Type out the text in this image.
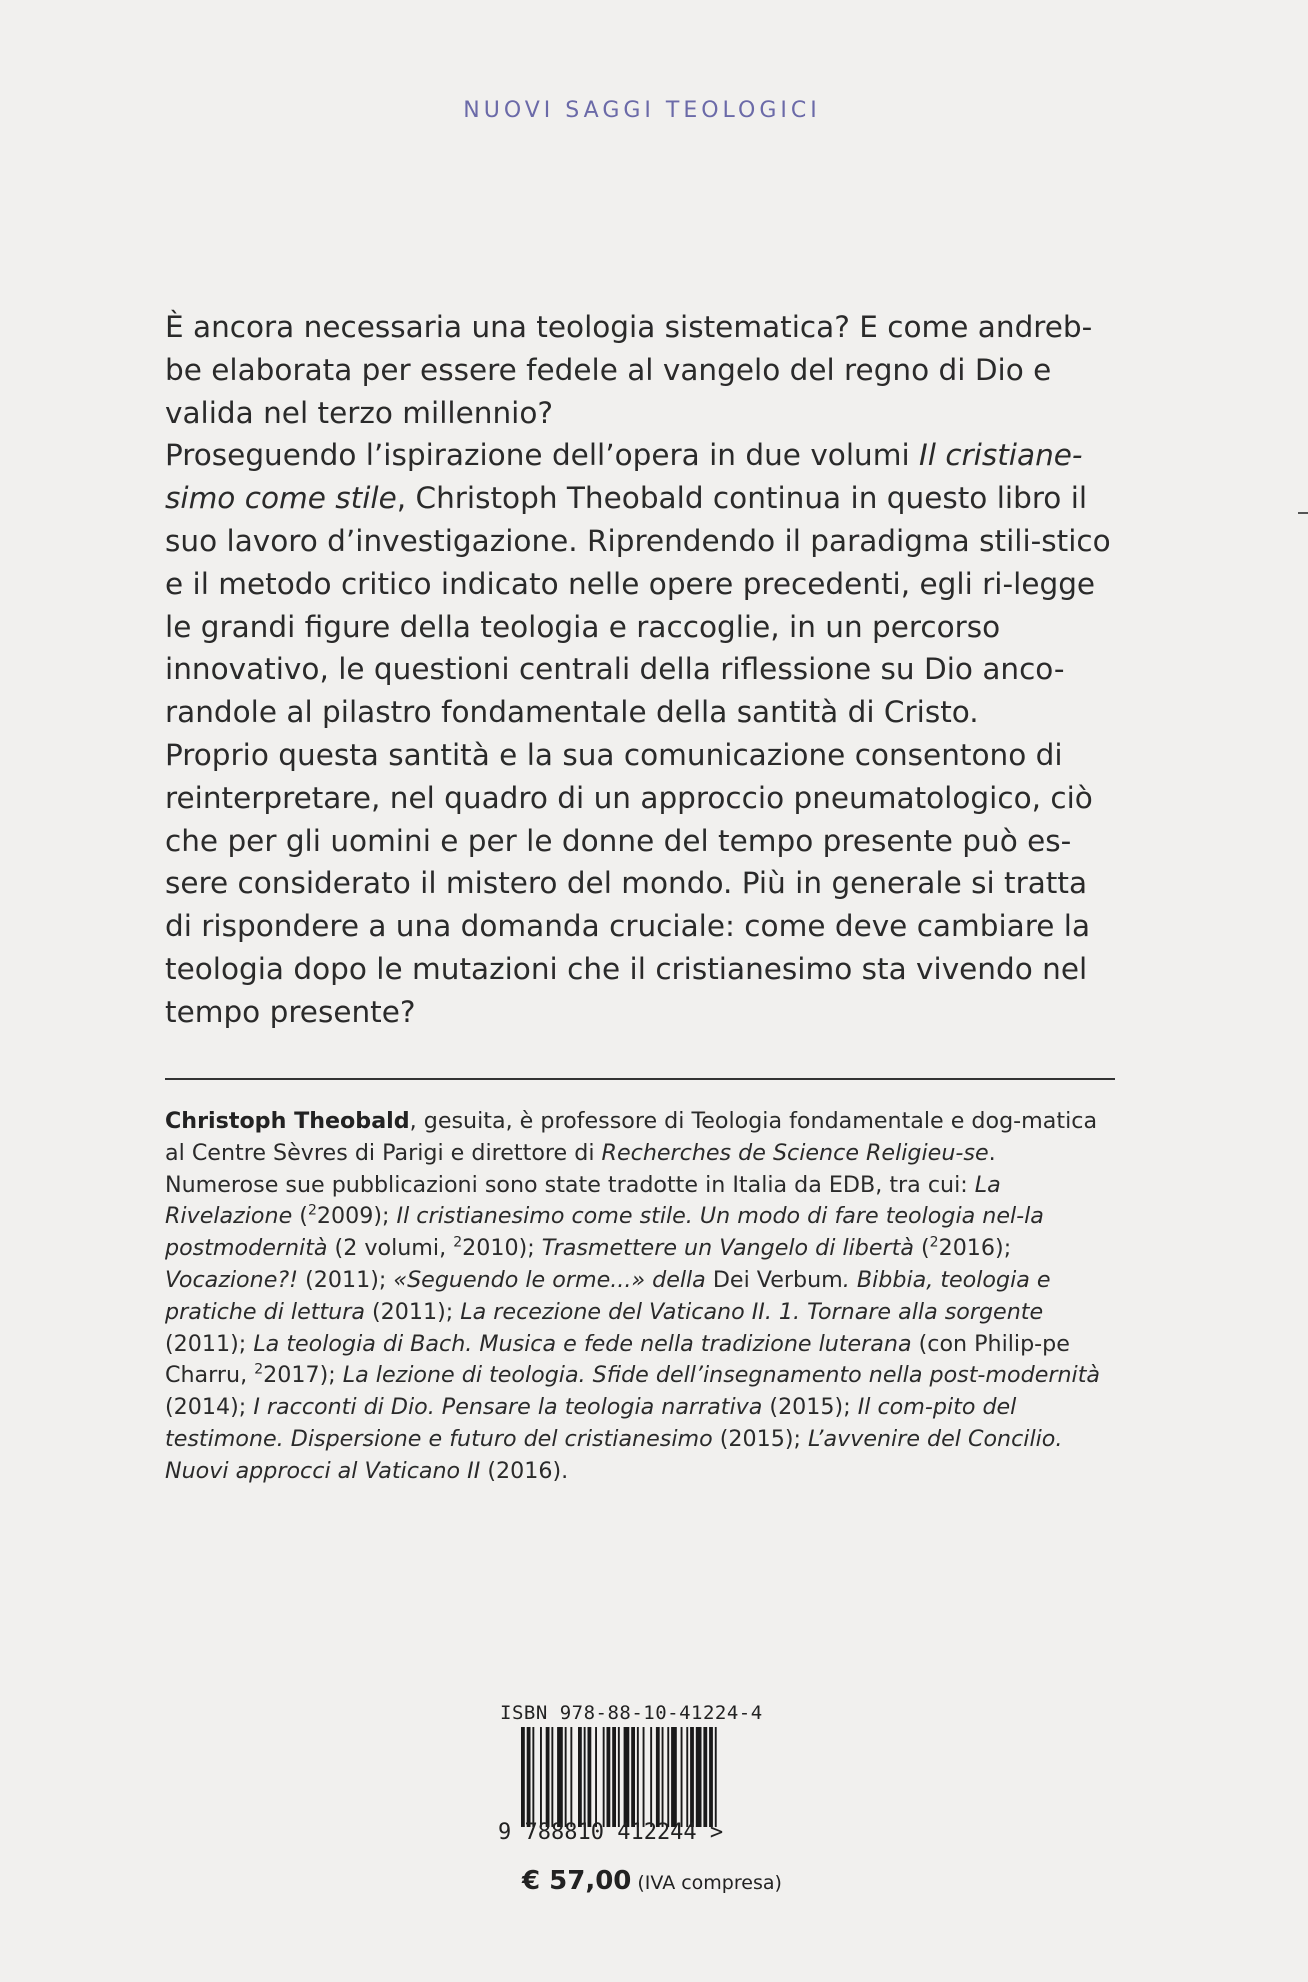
NUOVI SAGGI TEOLOGICI

È ancora necessaria una teologia sistematica? E come andreb-be elaborata per essere fedele al vangelo del regno di Dio e valida nel terzo millennio?

Proseguendo l’ispirazione dell’opera in due volumi Il cristiane-simo come stile, Christoph Theobald continua in questo libro il suo lavoro d’investigazione. Riprendendo il paradigma stili-stico e il metodo critico indicato nelle opere precedenti, egli ri-legge le grandi figure della teologia e raccoglie, in un percorso innovativo, le questioni centrali della riflessione su Dio anco-randole al pilastro fondamentale della santità di Cristo.

Proprio questa santità e la sua comunicazione consentono di reinterpretare, nel quadro di un approccio pneumatologico, ciò che per gli uomini e per le donne del tempo presente può es-sere considerato il mistero del mondo. Più in generale si tratta di rispondere a una domanda cruciale: come deve cambiare la teologia dopo le mutazioni che il cristianesimo sta vivendo nel tempo presente?

Christoph Theobald, gesuita, è professore di Teologia fondamentale e dog-matica al Centre Sèvres di Parigi e direttore di Recherches de Science Religieu-se. Numerose sue pubblicazioni sono state tradotte in Italia da EDB, tra cui: La Rivelazione ($^2$2009); Il cristianesimo come stile. Un modo di fare teologia nel-la postmodernità (2 volumi, $^2$2010); Trasmettere un Vangelo di libertà ($^2$2016); Vocazione?! (2011); «Seguendo le orme...» della Dei Verbum. Bibbia, teologia e pratiche di lettura (2011); La recezione del Vaticano II. 1. Tornare alla sorgente (2011); La teologia di Bach. Musica e fede nella tradizione luterana (con Philip-pe Charru, $^2$2017); La lezione di teologia. Sfide dell’insegnamento nella post-modernità (2014); I racconti di Dio. Pensare la teologia narrativa (2015); Il com-pito del testimone. Dispersione e futuro del cristianesimo (2015); L’avvenire del Concilio. Nuovi approcci al Vaticano II (2016).

ISBN 978-88-10-41224-4
9 788810 412244 >
€ 57,00 (IVA compresa)
